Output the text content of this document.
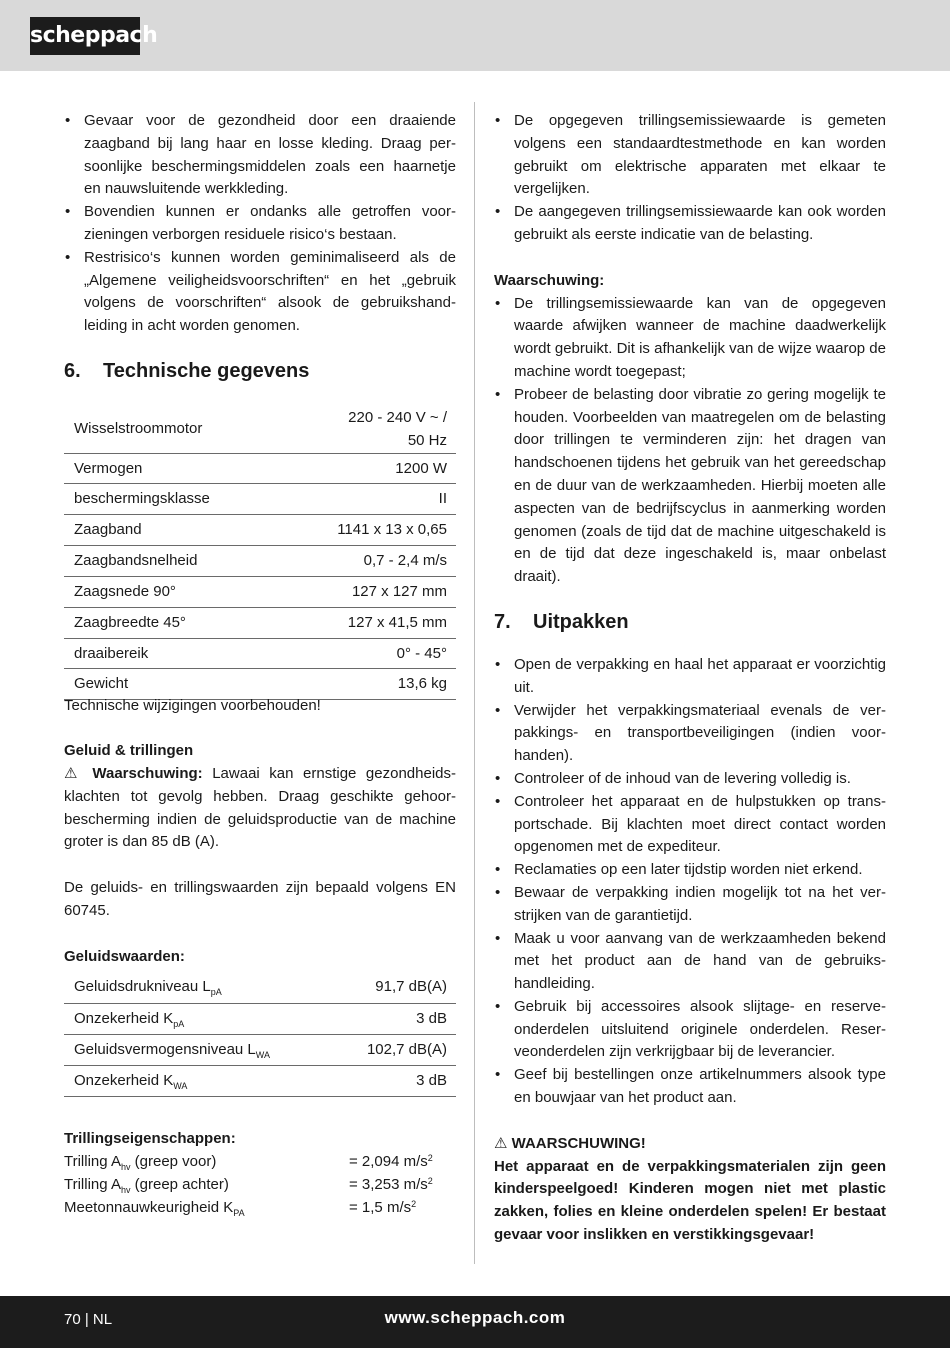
scheppach
• Gevaar voor de gezondheid door een draaiende zaagband bij lang haar en losse kleding. Draag persoonlijke beschermingsmiddelen zoals een haarnetje en nauwsluitende werkkleding.
• Bovendien kunnen er ondanks alle getroffen voorzieningen verborgen residuele risico‘s bestaan.
• Restrisico‘s kunnen worden geminimaliseerd als de „Algemene veiligheidsvoorschriften“ en het „gebruik volgens de voorschriften“ alsook de gebruikshandleiding in acht worden genomen.
6.	Technische gegevens
Wisselstroommotor	220 - 240 V ~ /
50 Hz
Vermogen	1200 W
beschermingsklasse	II
Zaagband	1141 x 13 x 0,65
Zaagbandsnelheid	0,7 - 2,4 m/s
Zaagsnede 90°	127 x 127 mm
Zaagbreedte 45°	127 x 41,5 mm
draaibereik	0° - 45°
Gewicht	13,6 kg
Technische wijzigingen voorbehouden!
Geluid & trillingen
⚠ Waarschuwing: Lawaai kan ernstige gezondheidsklachten tot gevolg hebben. Draag geschikte gehoorbescherming indien de geluidsproductie van de machine groter is dan 85 dB (A).
De geluids- en trillingswaarden zijn bepaald volgens EN 60745.
Geluidswaarden:
Geluidsdrukniveau $L_{pA}$	91,7 dB(A)
Onzekerheid $K_{pA}$	3 dB
Geluidsvermogensniveau $L_{WA}$	102,7 dB(A)
Onzekerheid $K_{WA}$	3 dB
Trillingseigenschappen:
Trilling $A_{hv}$ (greep voor)	= 2,094 $m/s^2$
Trilling $A_{hv}$ (greep achter)	= 3,253 $m/s^2$
Meetonnauwkeurigheid $K_{PA}$	= 1,5 $m/s^2$
• De opgegeven trillingsemissiewaarde is gemeten volgens een standaardtestmethode en kan worden gebruikt om elektrische apparaten met elkaar te vergelijken.
• De aangegeven trillingsemissiewaarde kan ook worden gebruikt als eerste indicatie van de belasting.
Waarschuwing:
• De trillingsemissiewaarde kan van de opgegeven waarde afwijken wanneer de machine daadwerkelijk wordt gebruikt. Dit is afhankelijk van de wijze waarop de machine wordt toegepast;
• Probeer de belasting door vibratie zo gering mogelijk te houden. Voorbeelden van maatregelen om de belasting door trillingen te verminderen zijn: het dragen van handschoenen tijdens het gebruik van het gereedschap en de duur van de werkzaamheden. Hierbij moeten alle aspecten van de bedrijfscyclus in aanmerking worden genomen (zoals de tijd dat de machine uitgeschakeld is en de tijd dat deze ingeschakeld is, maar onbelast draait).
7.	Uitpakken
• Open de verpakking en haal het apparaat er voorzichtig uit.
• Verwijder het verpakkingsmateriaal evenals de verpakkings- en transportbeveiligingen (indien voorhanden).
• Controleer of de inhoud van de levering volledig is.
• Controleer het apparaat en de hulpstukken op transportschade. Bij klachten moet direct contact worden opgenomen met de expediteur.
• Reclamaties op een later tijdstip worden niet erkend.
• Bewaar de verpakking indien mogelijk tot na het verstrijken van de garantietijd.
• Maak u voor aanvang van de werkzaamheden bekend met het product aan de hand van de gebruikshandleiding.
• Gebruik bij accessoires alsook slijtage- en reserveonderdelen uitsluitend originele onderdelen. Reserveonderdelen zijn verkrijgbaar bij de leverancier.
• Geef bij bestellingen onze artikelnummers alsook type en bouwjaar van het product aan.
⚠ WAARSCHUWING!
Het apparaat en de verpakkingsmaterialen zijn geen kinderspeelgoed! Kinderen mogen niet met plastic zakken, folies en kleine onderdelen spelen! Er bestaat gevaar voor inslikken en verstikkingsgevaar!
www.scheppach.com
70 | NL
